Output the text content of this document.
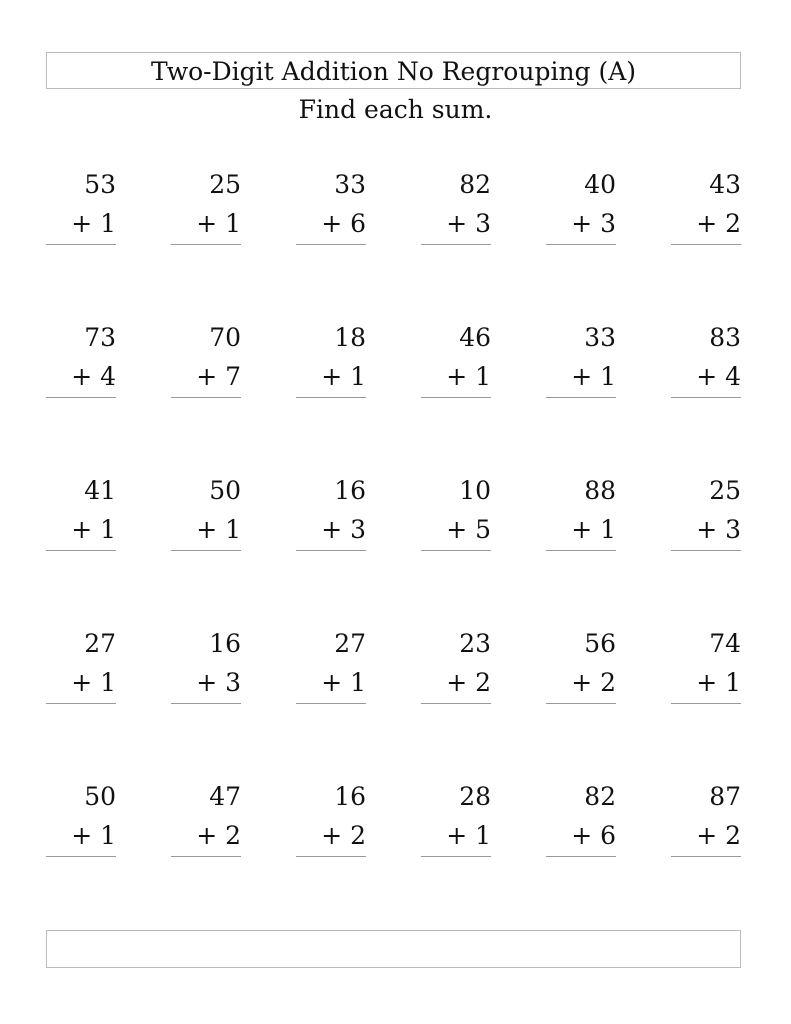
Two-Digit Addition No Regrouping (A)
Find each sum.
53
+ 1
25
+ 1
33
+ 6
82
+ 3
40
+ 3
43
+ 2
73
+ 4
70
+ 7
18
+ 1
46
+ 1
33
+ 1
83
+ 4
41
+ 1
50
+ 1
16
+ 3
10
+ 5
88
+ 1
25
+ 3
27
+ 1
16
+ 3
27
+ 1
23
+ 2
56
+ 2
74
+ 1
50
+ 1
47
+ 2
16
+ 2
28
+ 1
82
+ 6
87
+ 2
